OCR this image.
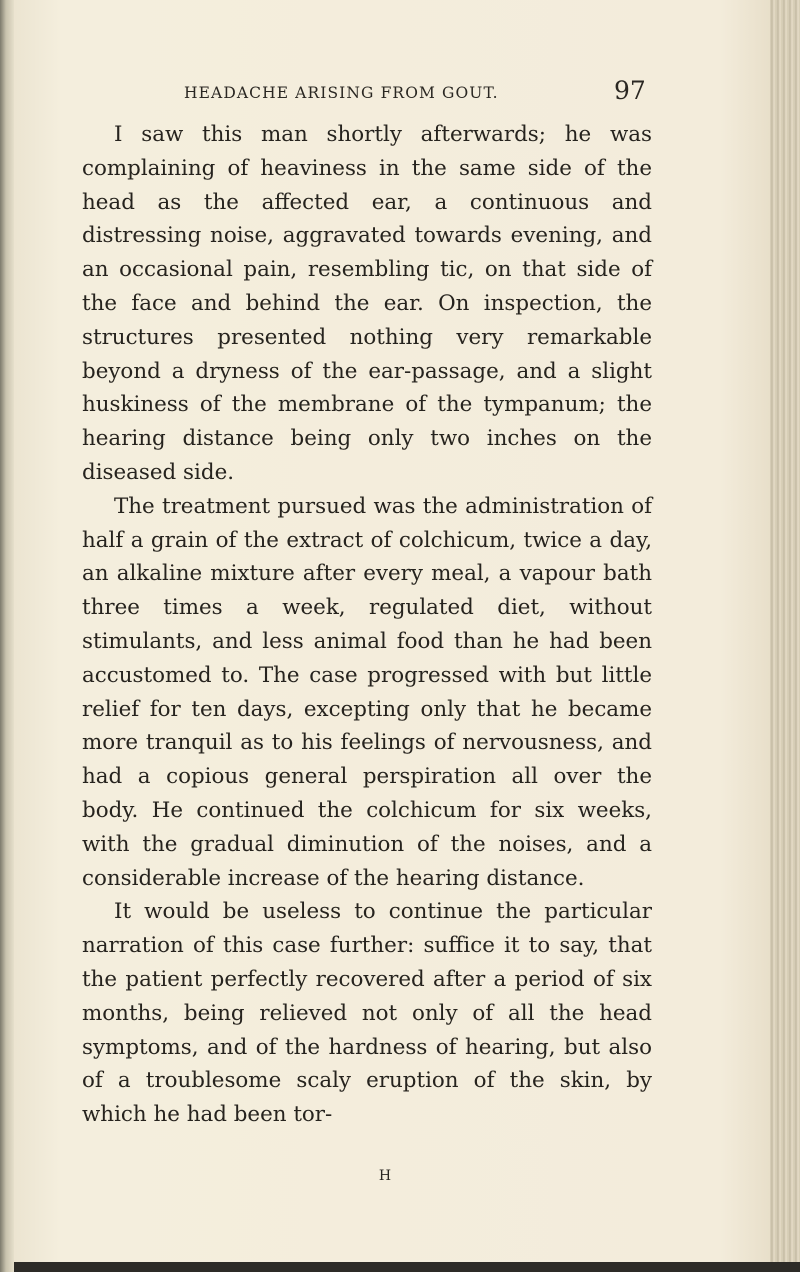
HEADACHE ARISING FROM GOUT.	97

I saw this man shortly afterwards; he was complaining of heaviness in the same side of the head as the affected ear, a continuous and distressing noise, aggravated towards evening, and an occasional pain, resembling tic, on that side of the face and behind the ear. On inspection, the structures presented nothing very remarkable beyond a dryness of the ear-passage, and a slight huskiness of the membrane of the tympanum; the hearing distance being only two inches on the diseased side.

The treatment pursued was the administration of half a grain of the extract of colchicum, twice a day, an alkaline mixture after every meal, a vapour bath three times a week, regulated diet, without stimulants, and less animal food than he had been accustomed to. The case progressed with but little relief for ten days, excepting only that he became more tranquil as to his feelings of nervousness, and had a copious general perspiration all over the body. He continued the colchicum for six weeks, with the gradual diminution of the noises, and a considerable increase of the hearing distance.

It would be useless to continue the particular narration of this case further: suffice it to say, that the patient perfectly recovered after a period of six months, being relieved not only of all the head symptoms, and of the hardness of hearing, but also of a troublesome scaly eruption of the skin, by which he had been tor-

H
